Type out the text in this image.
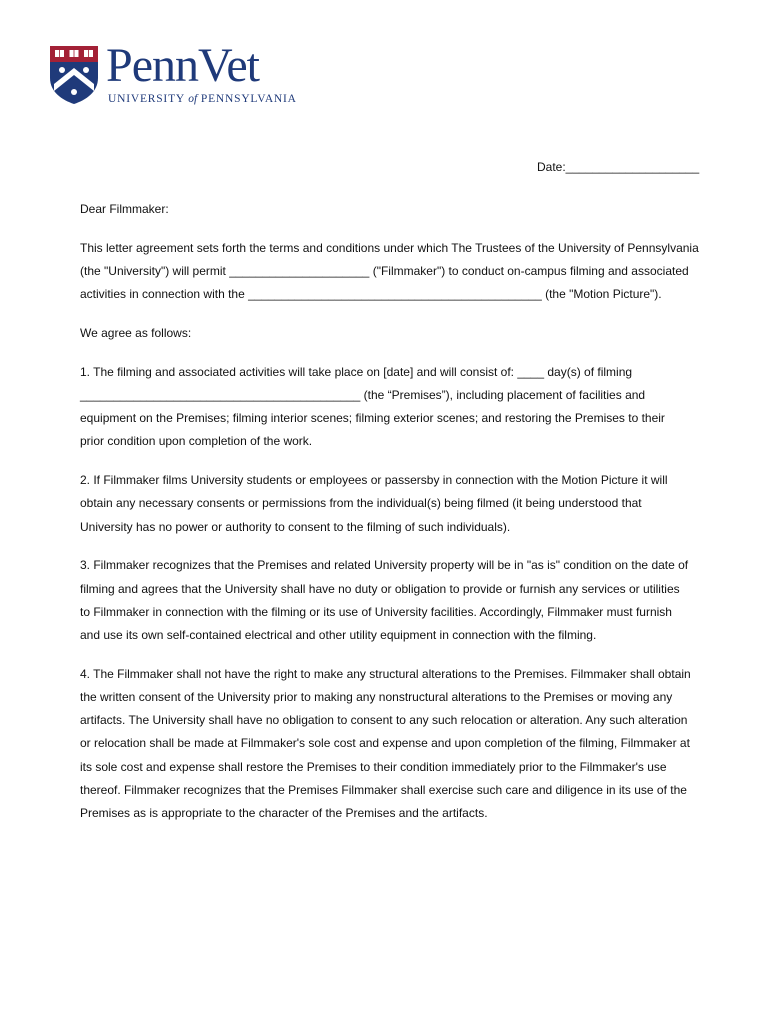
PennVet
UNIVERSITY of PENNSYLVANIA
Date:____________________

Dear Filmmaker:

This letter agreement sets forth the terms and conditions under which The Trustees of the University of Pennsylvania
(the "University") will permit _____________________ ("Filmmaker") to conduct on-campus filming and associated
activities in connection with the ____________________________________________ (the "Motion Picture").

We agree as follows:

1. The filming and associated activities will take place on [date] and will consist of: ____ day(s) of filming
__________________________________________ (the “Premises”), including placement of facilities and
equipment on the Premises; filming interior scenes; filming exterior scenes; and restoring the Premises to their
prior condition upon completion of the work.

2. If Filmmaker films University students or employees or passersby in connection with the Motion Picture it will
obtain any necessary consents or permissions from the individual(s) being filmed (it being understood that
University has no power or authority to consent to the filming of such individuals).

3. Filmmaker recognizes that the Premises and related University property will be in "as is" condition on the date of
filming and agrees that the University shall have no duty or obligation to provide or furnish any services or utilities
to Filmmaker in connection with the filming or its use of University facilities. Accordingly, Filmmaker must furnish
and use its own self-contained electrical and other utility equipment in connection with the filming.

4. The Filmmaker shall not have the right to make any structural alterations to the Premises. Filmmaker shall obtain
the written consent of the University prior to making any nonstructural alterations to the Premises or moving any
artifacts. The University shall have no obligation to consent to any such relocation or alteration. Any such alteration
or relocation shall be made at Filmmaker's sole cost and expense and upon completion of the filming, Filmmaker at
its sole cost and expense shall restore the Premises to their condition immediately prior to the Filmmaker's use
thereof. Filmmaker recognizes that the Premises Filmmaker shall exercise such care and diligence in its use of the
Premises as is appropriate to the character of the Premises and the artifacts.
